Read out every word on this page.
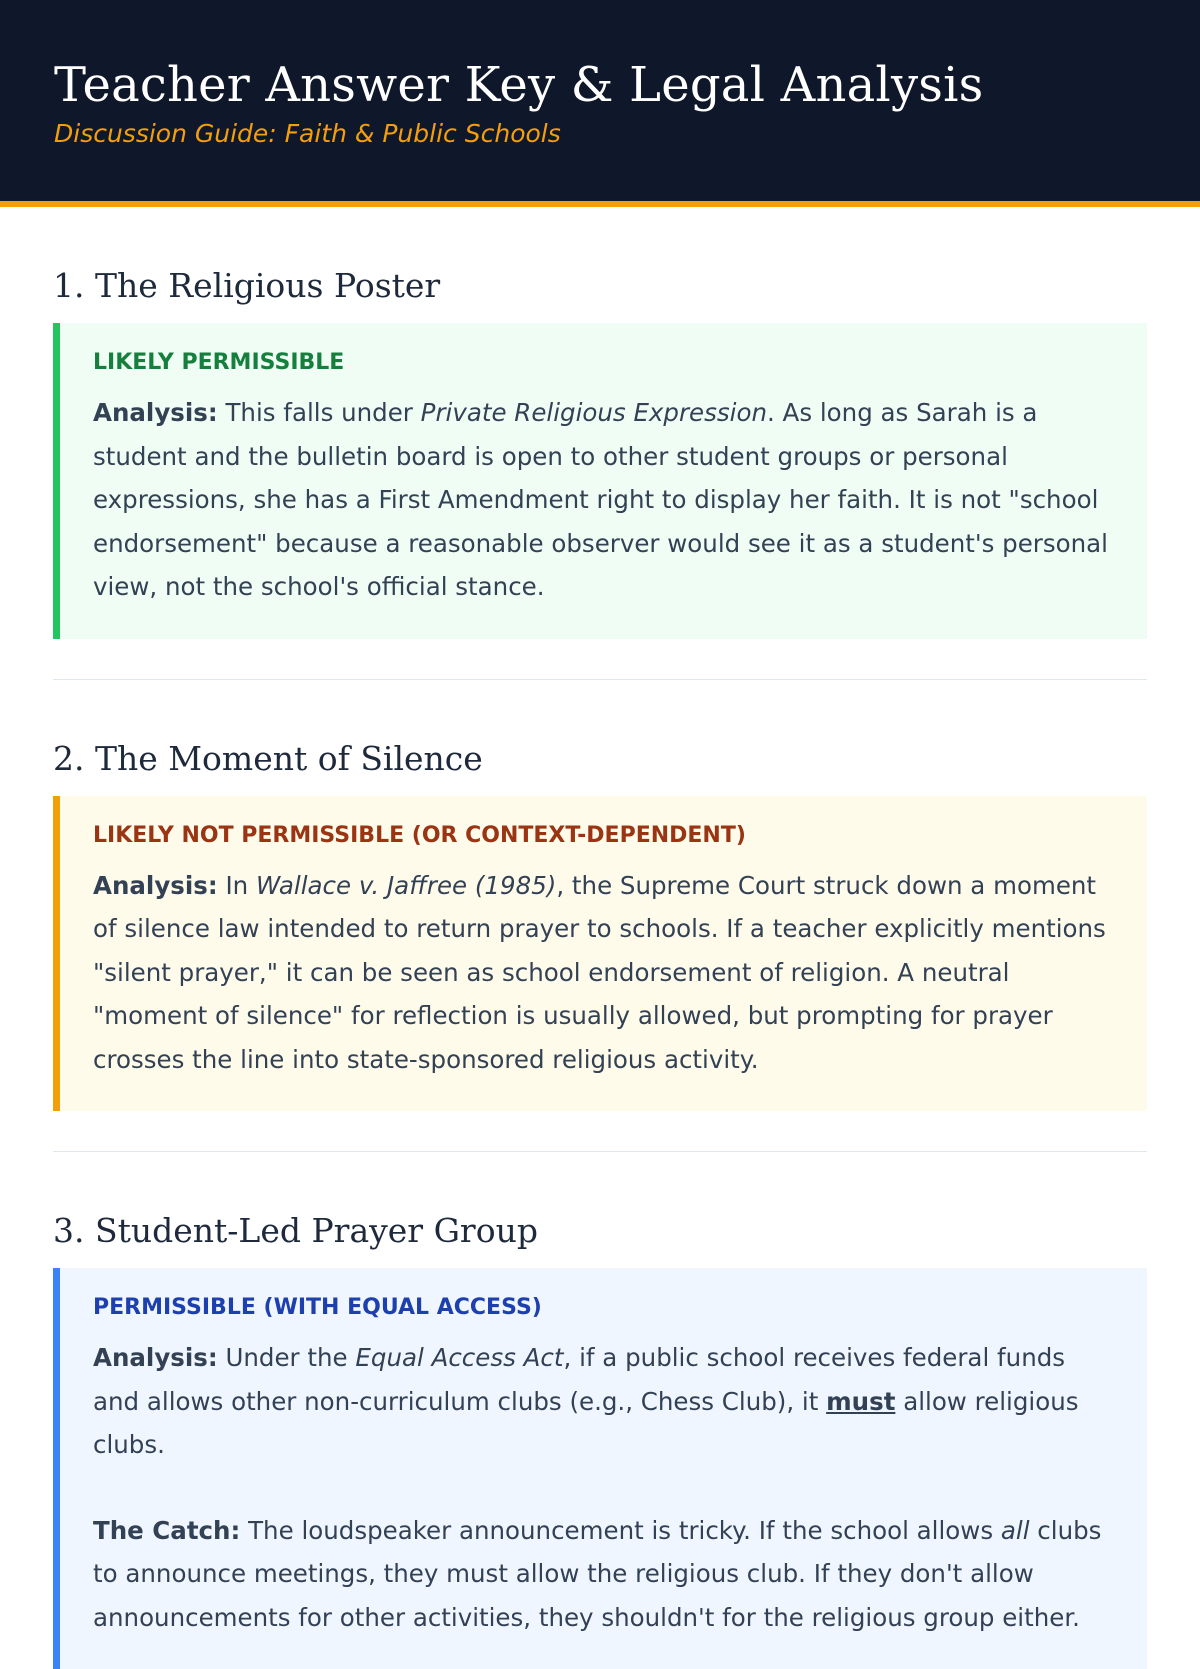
Teacher Answer Key & Legal Analysis
Discussion Guide: Faith & Public Schools
1. The Religious Poster
LIKELY PERMISSIBLE

Analysis: This falls under Private Religious Expression. As long as Sarah is a student and the bulletin board is open to other student groups or personal expressions, she has a First Amendment right to display her faith. It is not "school endorsement" because a reasonable observer would see it as a student's personal view, not the school's official stance.

2. The Moment of Silence
LIKELY NOT PERMISSIBLE (OR CONTEXT-DEPENDENT)

Analysis: In Wallace v. Jaffree (1985), the Supreme Court struck down a moment of silence law intended to return prayer to schools. If a teacher explicitly mentions "silent prayer," it can be seen as school endorsement of religion. A neutral "moment of silence" for reflection is usually allowed, but prompting for prayer crosses the line into state-sponsored religious activity.

3. Student-Led Prayer Group
PERMISSIBLE (WITH EQUAL ACCESS)

Analysis: Under the Equal Access Act, if a public school receives federal funds and allows other non-curriculum clubs (e.g., Chess Club), it must allow religious clubs.

The Catch: The loudspeaker announcement is tricky. If the school allows all clubs to announce meetings, they must allow the religious club. If they don't allow announcements for other activities, they shouldn't for the religious group either.
